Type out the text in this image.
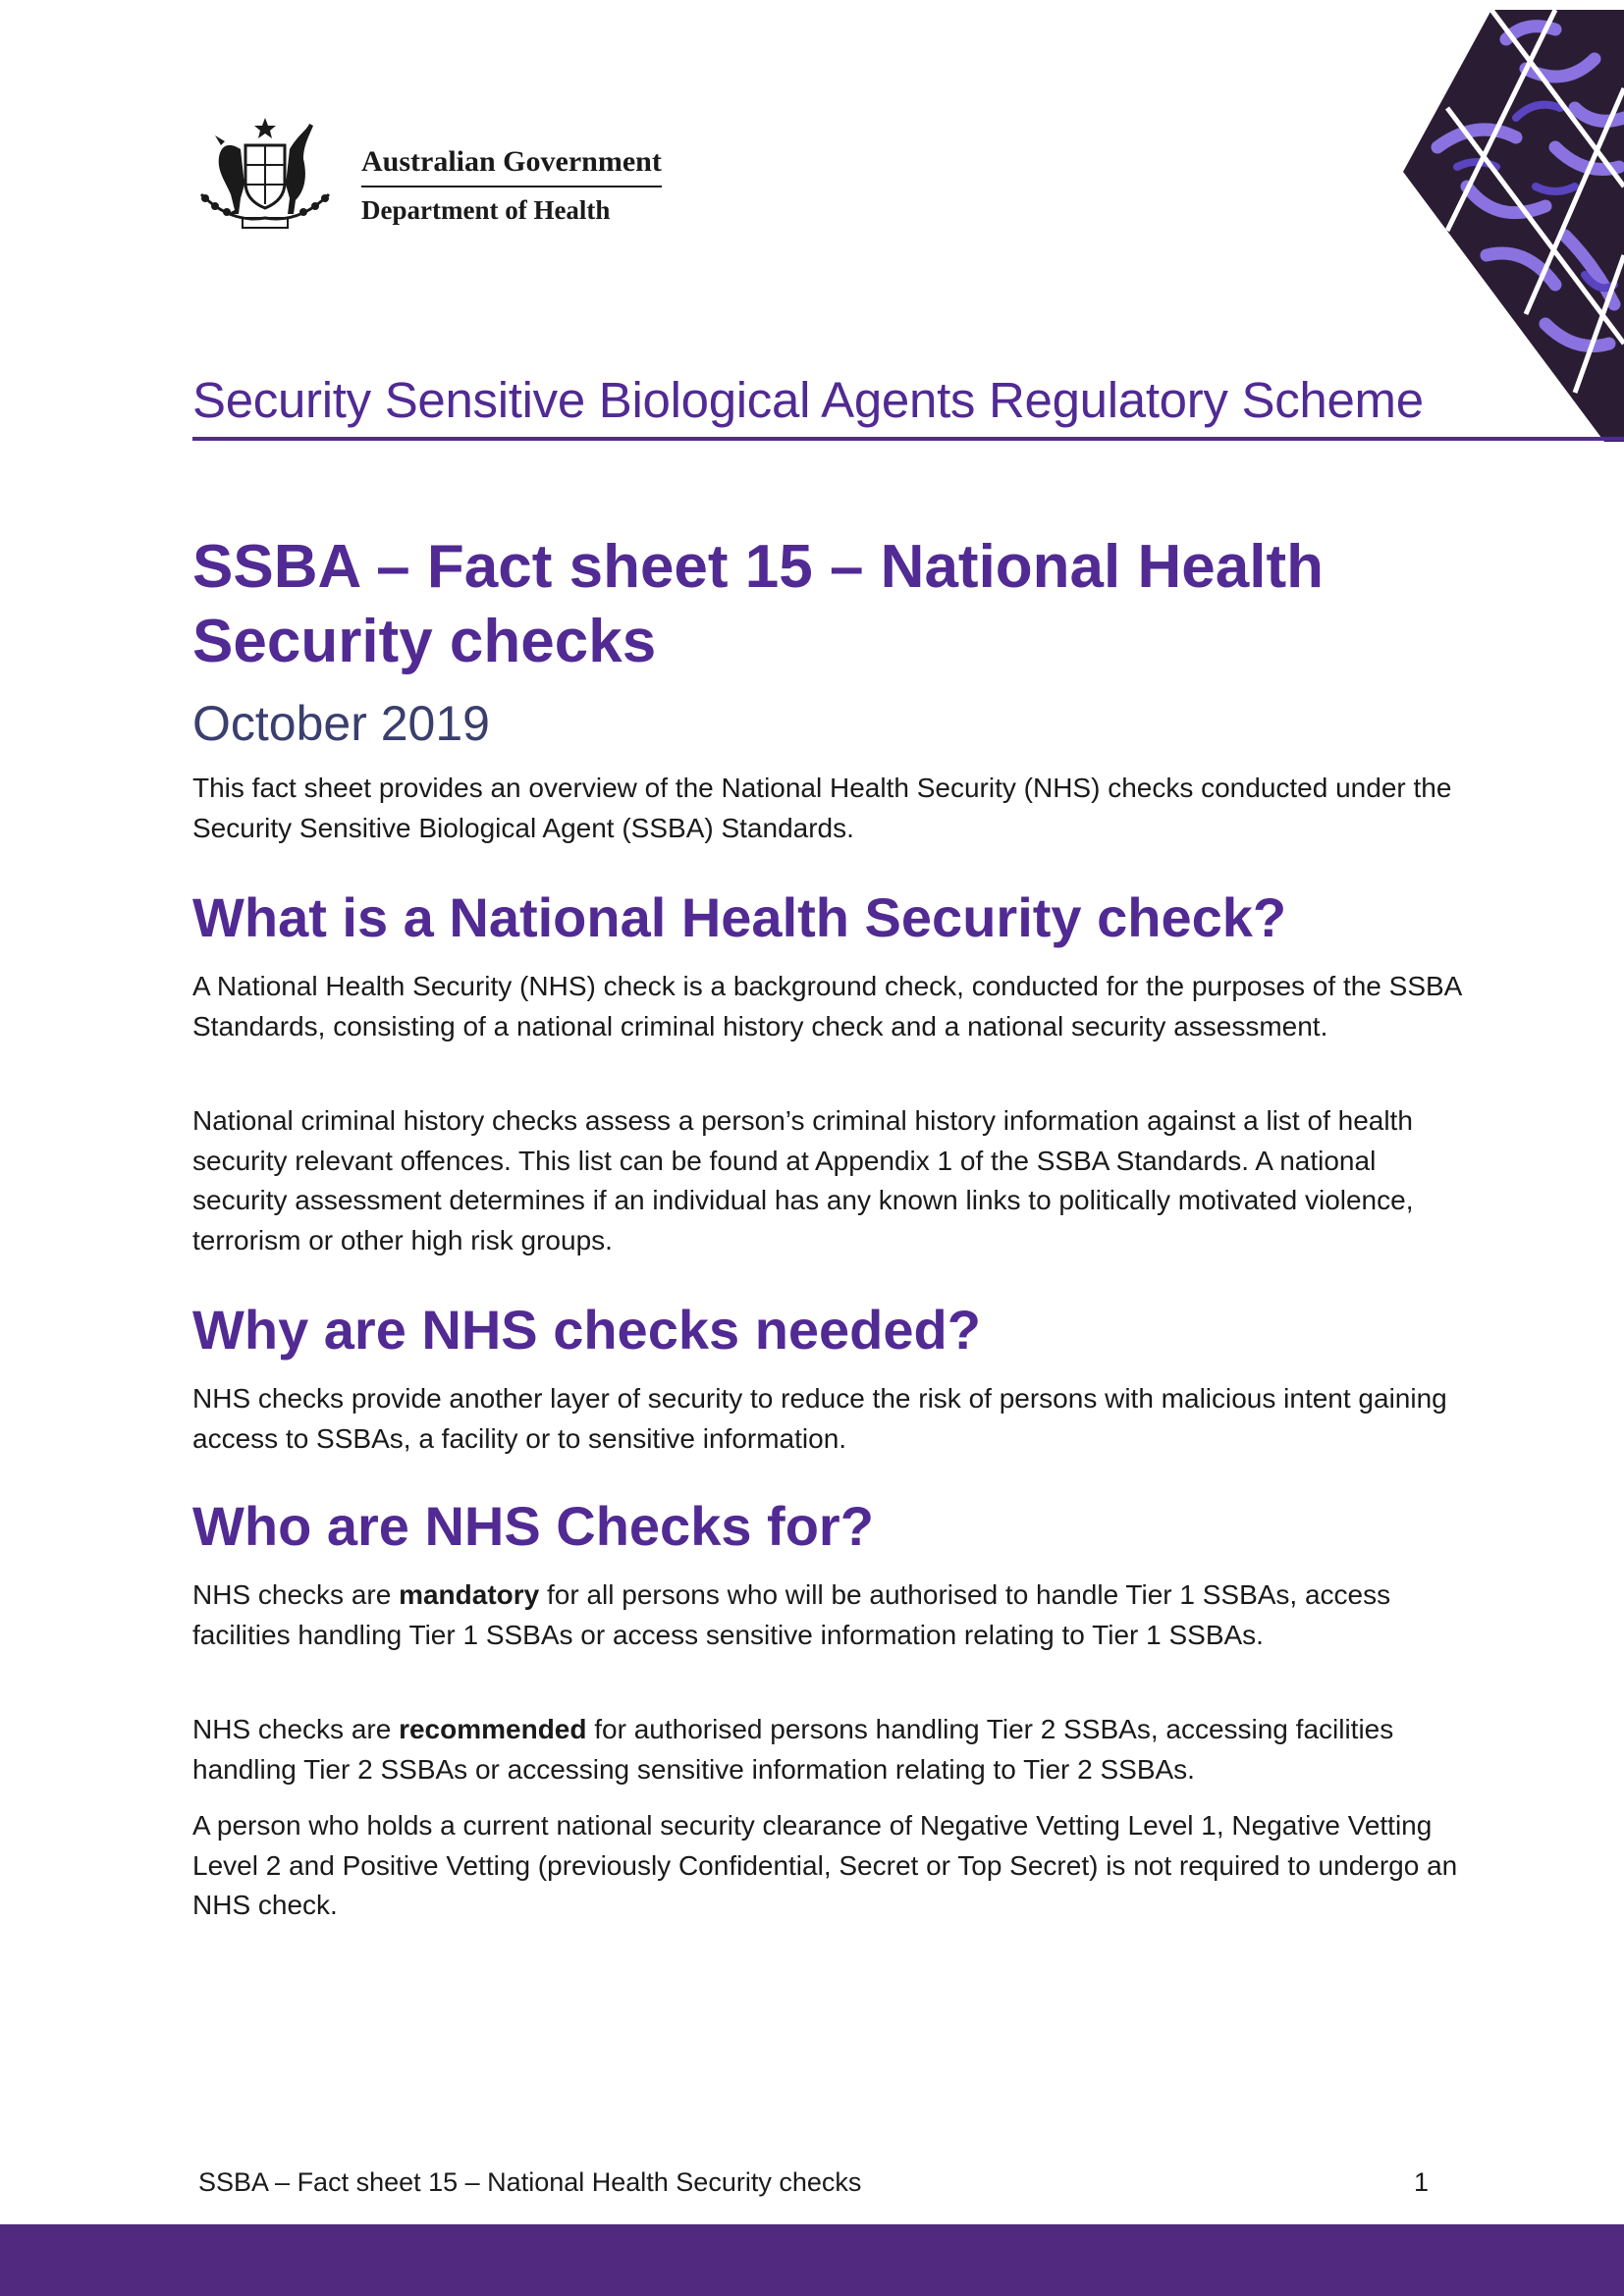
Australian Government
Department of Health
Security Sensitive Biological Agents Regulatory Scheme
SSBA – Fact sheet 15 – National Health Security checks
October 2019

This fact sheet provides an overview of the National Health Security (NHS) checks conducted under the Security Sensitive Biological Agent (SSBA) Standards.

What is a National Health Security check?

A National Health Security (NHS) check is a background check, conducted for the purposes of the SSBA Standards, consisting of a national criminal history check and a national security assessment.

National criminal history checks assess a person’s criminal history information against a list of health security relevant offences. This list can be found at Appendix 1 of the SSBA Standards. A national security assessment determines if an individual has any known links to politically motivated violence, terrorism or other high risk groups.

Why are NHS checks needed?

NHS checks provide another layer of security to reduce the risk of persons with malicious intent gaining access to SSBAs, a facility or to sensitive information.

Who are NHS Checks for?

NHS checks are mandatory for all persons who will be authorised to handle Tier 1 SSBAs, access facilities handling Tier 1 SSBAs or access sensitive information relating to Tier 1 SSBAs.

NHS checks are recommended for authorised persons handling Tier 2 SSBAs, accessing facilities handling Tier 2 SSBAs or accessing sensitive information relating to Tier 2 SSBAs.

A person who holds a current national security clearance of Negative Vetting Level 1, Negative Vetting Level 2 and Positive Vetting (previously Confidential, Secret or Top Secret) is not required to undergo an NHS check.

SSBA – Fact sheet 15 – National Health Security checks	1
